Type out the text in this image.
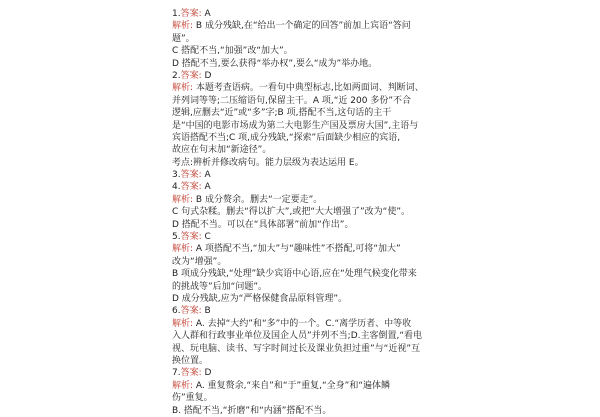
1.答案: A
解析: B 成分残缺,在“给出一个确定的回答”前加上宾语“答问
题”。
C 搭配不当,“加强”改“加大”。
D 搭配不当,要么获得“举办权”,要么“成为”举办地。
2.答案: D
解析: 本题考查语病。一看句中典型标志,比如两面词、判断词、
并列词等等;二压缩语句,保留主干。A 项,“近 200 多份”不合
逻辑,应删去“近”或“多”字;B 项,搭配不当,这句话的主干
是“中国的电影市场成为第二大电影生产国及票房大国”,主语与
宾语搭配不当;C 项,成分残缺,“探索”后面缺少相应的宾语,
故应在句末加“新途径”。
考点:辨析并修改病句。能力层级为表达运用 E。
3.答案: A
4.答案: A
解析: B 成分赘余。删去“一定要走”。
C 句式杂糅。删去“得以扩大”,或把“大大增强了”改为“使”。
D 搭配不当。可以在“具体部署”前加“作出”。
5.答案: C
解析: A 项搭配不当,“加大”与“趣味性”不搭配,可将“加大”
改为“增强”。
B 项成分残缺,“处理”缺少宾语中心语,应在“处理气候变化带来
的挑战等”后加“问题”。
D 成分残缺,应为“严格保健食品原料管理”。
6.答案: B
解析: A. 去掉“大约”和“多”中的一个。C.“离学历者、中等收
入人群和行政事业单位及国企人员”并列不当;D.主客倒置,“看电
视、玩电脑、读书、写字时间过长及课业负担过重”与“近视”互
换位置。
7.答案: D
解析: A. 重复赘余,“来自”和“于”重复,“全身”和“遍体鳞
伤”重复。
B. 搭配不当,“折磨”和“内涵”搭配不当。
